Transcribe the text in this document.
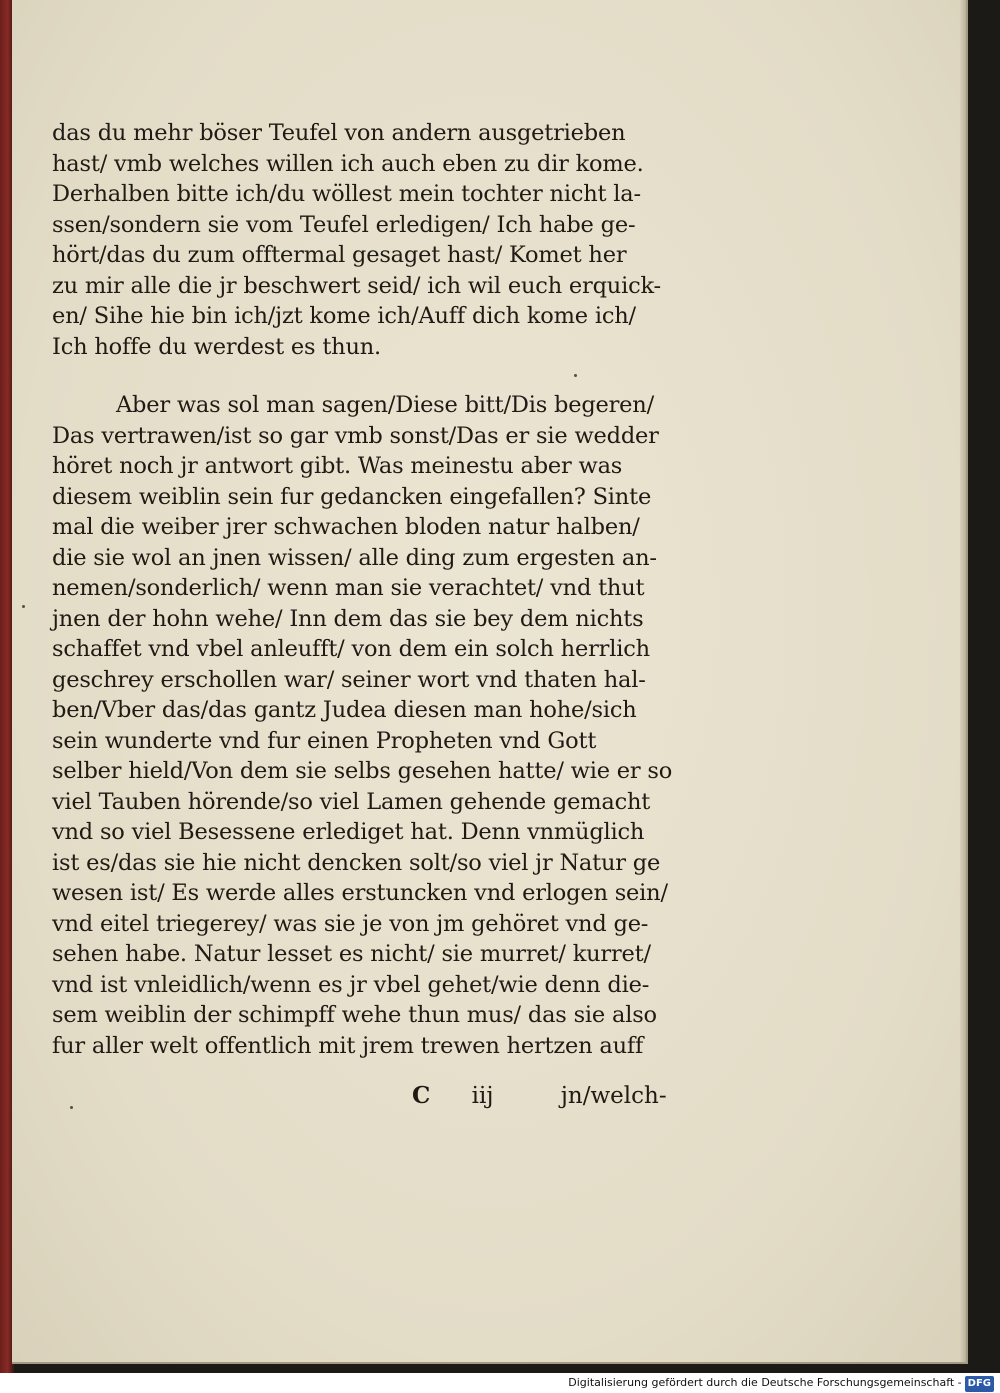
das du mehr böser Teufel von andern ausgetrieben
hast/ vmb welches willen ich auch eben zu dir kome.
Derhalben bitte ich/du wöllest mein tochter nicht la-
ssen/sondern sie vom Teufel erledigen/ Ich habe ge-
hört/das du zum offtermal gesaget hast/ Komet her
zu mir alle die jr beschwert seid/ ich wil euch erquick-
en/ Sihe hie bin ich/jzt kome ich/Auff dich kome ich/
Ich hoffe du werdest es thun.
Aber was sol man sagen/Diese bitt/Dis begeren/
Das vertrawen/ist so gar vmb sonst/Das er sie wedder
höret noch jr antwort gibt. Was meinestu aber was
diesem weiblin sein fur gedancken eingefallen? Sinte
mal die weiber jrer schwachen bloden natur halben/
die sie wol an jnen wissen/ alle ding zum ergesten an-
nemen/sonderlich/ wenn man sie verachtet/ vnd thut
jnen der hohn wehe/ Inn dem das sie bey dem nichts
schaffet vnd vbel anleufft/ von dem ein solch herrlich
geschrey erschollen war/ seiner wort vnd thaten hal-
ben/Vber das/das gantz Judea diesen man hohe/sich
sein wunderte vnd fur einen Propheten vnd Gott
selber hield/Von dem sie selbs gesehen hatte/ wie er so
viel Tauben hörende/so viel Lamen gehende gemacht
vnd so viel Besessene erlediget hat. Denn vnmüglich
ist es/das sie hie nicht dencken solt/so viel jr Natur ge
wesen ist/ Es werde alles erstuncken vnd erlogen sein/
vnd eitel triegerey/ was sie je von jm gehöret vnd ge-
sehen habe. Natur lesset es nicht/ sie murret/ kurret/
vnd ist vnleidlich/wenn es jr vbel gehet/wie denn die-
sem weiblin der schimpff wehe thun mus/ das sie also
fur aller welt offentlich mit jrem trewen hertzen auff
C iij	jn/welch-
Digitalisierung gefördert durch die Deutsche Forschungsgemeinschaft - DFG
